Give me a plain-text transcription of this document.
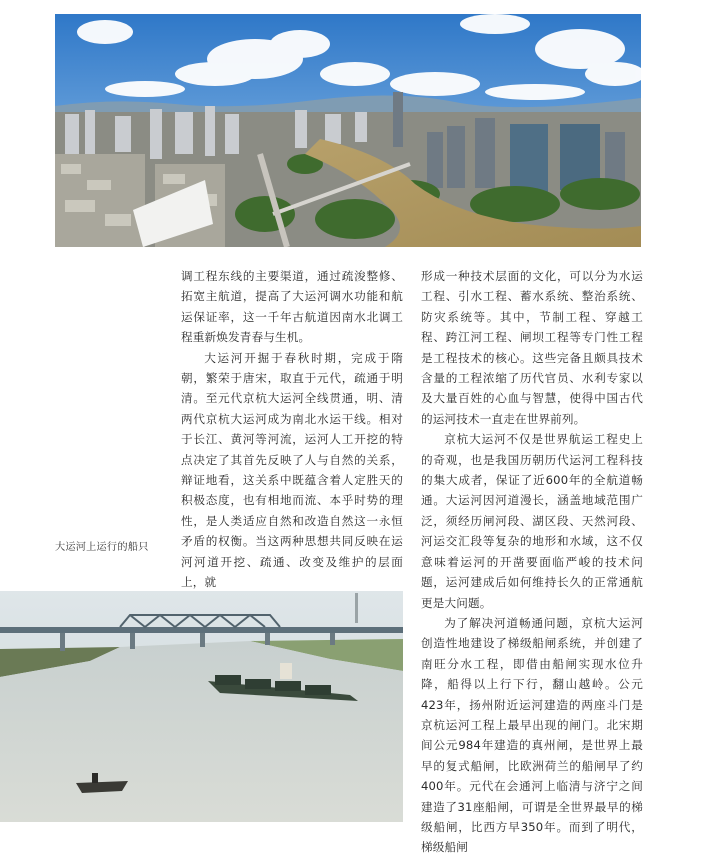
调工程东线的主要渠道，通过疏浚整修、拓宽主航道，提高了大运河调水功能和航运保证率，这一千年古航道因南水北调工程重新焕发青春与生机。

大运河开掘于春秋时期，完成于隋朝，繁荣于唐宋，取直于元代，疏通于明清。至元代京杭大运河全线贯通，明、清两代京杭大运河成为南北水运干线。相对于长江、黄河等河流，运河人工开挖的特点决定了其首先反映了人与自然的关系，辩证地看，这关系中既蕴含着人定胜天的积极态度，也有相地而流、本乎时势的理性，是人类适应自然和改造自然这一永恒矛盾的权衡。当这两种思想共同反映在运河河道开挖、疏通、改变及维护的层面上，就

形成一种技术层面的文化，可以分为水运工程、引水工程、蓄水系统、整治系统、防灾系统等。其中，节制工程、穿越工程、跨江河工程、闸坝工程等专门性工程是工程技术的核心。这些完备且颇具技术含量的工程浓缩了历代官员、水利专家以及大量百姓的心血与智慧，使得中国古代的运河技术一直走在世界前列。

京杭大运河不仅是世界航运工程史上的奇观，也是我国历朝历代运河工程科技的集大成者，保证了近600年的全航道畅通。大运河因河道漫长，涵盖地域范围广泛，须经历闸河段、湖区段、天然河段、河运交汇段等复杂的地形和水域，这不仅意味着运河的开凿要面临严峻的技术问题，运河建成后如何维持长久的正常通航更是大问题。

为了解决河道畅通问题，京杭大运河创造性地建设了梯级船闸系统，并创建了南旺分水工程，即借由船闸实现水位升降，船得以上行下行，翻山越岭。公元423年，扬州附近运河建造的两座斗门是京杭运河工程上最早出现的闸门。北宋期间公元984年建造的真州闸，是世界上最早的复式船闸，比欧洲荷兰的船闸早了约400年。元代在会通河上临清与济宁之间建造了31座船闸，可谓是全世界最早的梯级船闸，比西方早350年。而到了明代，梯级船闸

大运河上运行的船只
